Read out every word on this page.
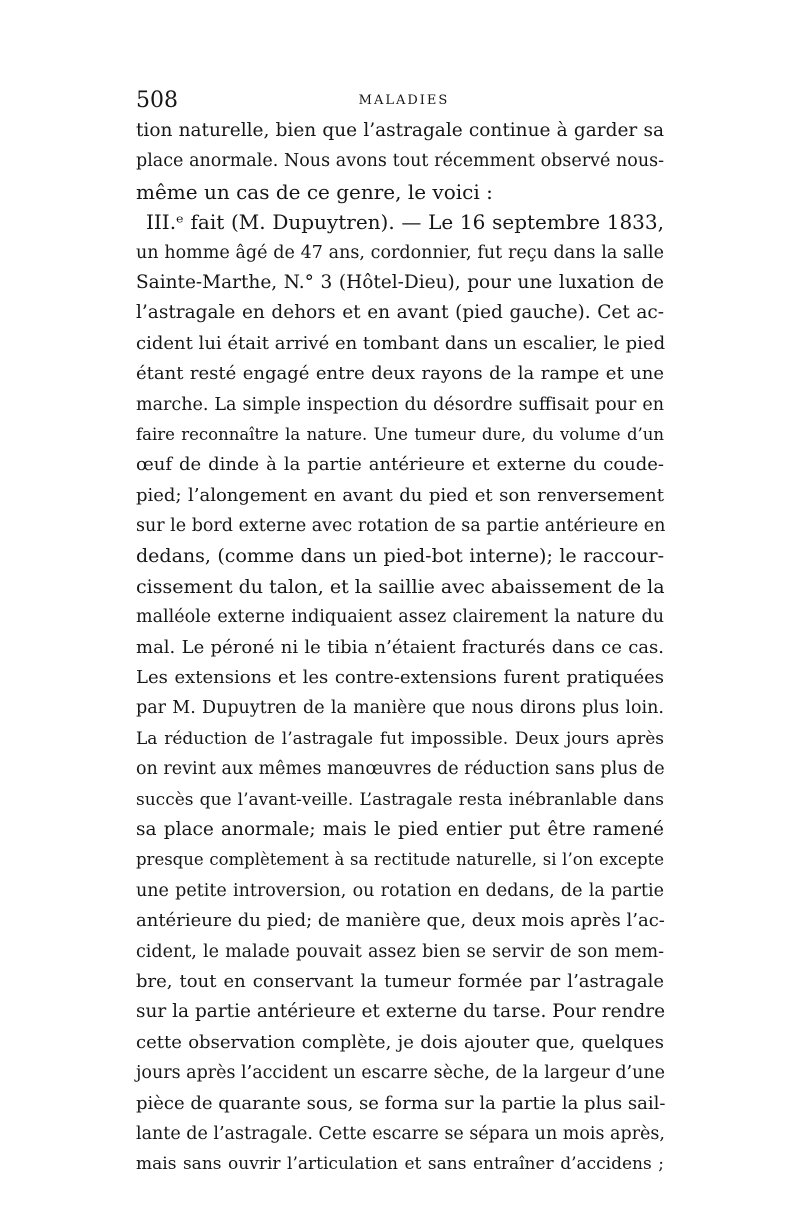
508	MALADIES
tion naturelle, bien que l’astragale continue à garder sa
place anormale. Nous avons tout récemment observé nous-
même un cas de ce genre, le voici :
III.ᵉ fait (M. Dupuytren). — Le 16 septembre 1833,
un homme âgé de 47 ans, cordonnier, fut reçu dans la salle
Sainte-Marthe, N.° 3 (Hôtel-Dieu), pour une luxation de
l’astragale en dehors et en avant (pied gauche). Cet ac-
cident lui était arrivé en tombant dans un escalier, le pied
étant resté engagé entre deux rayons de la rampe et une
marche. La simple inspection du désordre suffisait pour en
faire reconnaître la nature. Une tumeur dure, du volume d’un
œuf de dinde à la partie antérieure et externe du coude-
pied; l’alongement en avant du pied et son renversement
sur le bord externe avec rotation de sa partie antérieure en
dedans, (comme dans un pied-bot interne); le raccour-
cissement du talon, et la saillie avec abaissement de la
malléole externe indiquaient assez clairement la nature du
mal. Le péroné ni le tibia n’étaient fracturés dans ce cas.
Les extensions et les contre-extensions furent pratiquées
par M. Dupuytren de la manière que nous dirons plus loin.
La réduction de l’astragale fut impossible. Deux jours après
on revint aux mêmes manœuvres de réduction sans plus de
succès que l’avant-veille. L’astragale resta inébranlable dans
sa place anormale; mais le pied entier put être ramené
presque complètement à sa rectitude naturelle, si l’on excepte
une petite introversion, ou rotation en dedans, de la partie
antérieure du pied; de manière que, deux mois après l’ac-
cident, le malade pouvait assez bien se servir de son mem-
bre, tout en conservant la tumeur formée par l’astragale
sur la partie antérieure et externe du tarse. Pour rendre
cette observation complète, je dois ajouter que, quelques
jours après l’accident un escarre sèche, de la largeur d’une
pièce de quarante sous, se forma sur la partie la plus sail-
lante de l’astragale. Cette escarre se sépara un mois après,
mais sans ouvrir l’articulation et sans entraîner d’accidens ;
